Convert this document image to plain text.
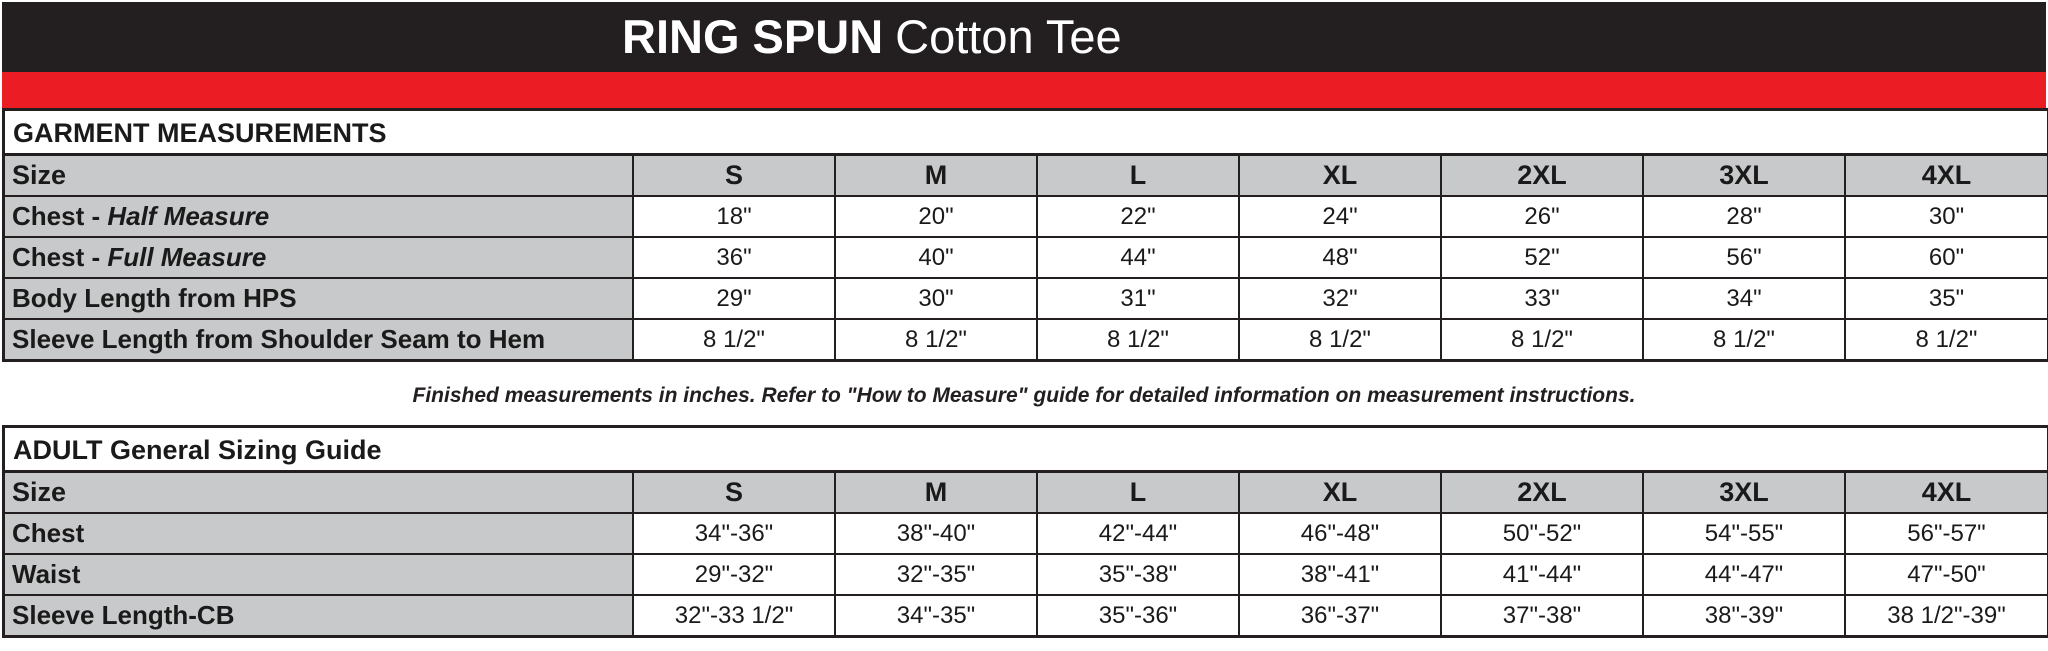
RING SPUN Cotton Tee
GARMENT MEASUREMENTS
Size	S	M	L	XL	2XL	3XL	4XL
Chest - Half Measure	18"	20"	22"	24"	26"	28"	30"
Chest - Full Measure	36"	40"	44"	48"	52"	56"	60"
Body Length from HPS	29"	30"	31"	32"	33"	34"	35"
Sleeve Length from Shoulder Seam to Hem	8 1/2"	8 1/2"	8 1/2"	8 1/2"	8 1/2"	8 1/2"	8 1/2"
Finished measurements in inches. Refer to "How to Measure" guide for detailed information on measurement instructions.
ADULT General Sizing Guide
Size	S	M	L	XL	2XL	3XL	4XL
Chest	34"-36"	38"-40"	42"-44"	46"-48"	50"-52"	54"-55"	56"-57"
Waist	29"-32"	32"-35"	35"-38"	38"-41"	41"-44"	44"-47"	47"-50"
Sleeve Length-CB	32"-33 1/2"	34"-35"	35"-36"	36"-37"	37"-38"	38"-39"	38 1/2"-39"
